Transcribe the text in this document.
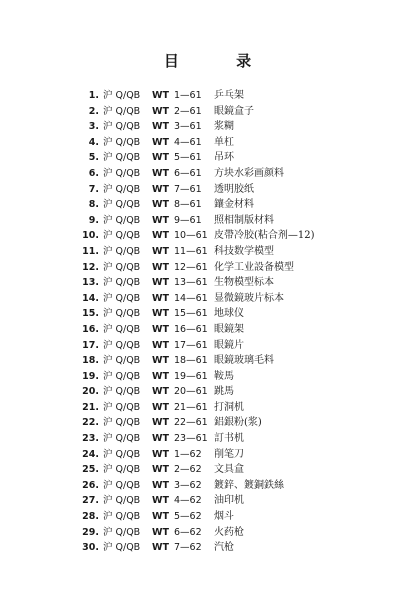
目 录
1. 沪 Q/QB WT 1—61 乒乓架
2. 沪 Q/QB WT 2—61 眼鏡盒子
3. 沪 Q/QB WT 3—61 浆糊
4. 沪 Q/QB WT 4—61 单杠
5. 沪 Q/QB WT 5—61 吊环
6. 沪 Q/QB WT 6—61 方块水彩画颜料
7. 沪 Q/QB WT 7—61 透明胶纸
8. 沪 Q/QB WT 8—61 鑲金材料
9. 沪 Q/QB WT 9—61 照相制版材料
10. 沪 Q/QB WT 10—61 皮帶冷胶(粘合剂—12)
11. 沪 Q/QB WT 11—61 科技数学模型
12. 沪 Q/QB WT 12—61 化学工业設备模型
13. 沪 Q/QB WT 13—61 生物模型标本
14. 沪 Q/QB WT 14—61 显微鏡玻片标本
15. 沪 Q/QB WT 15—61 地球仪
16. 沪 Q/QB WT 16—61 眼鏡架
17. 沪 Q/QB WT 17—61 眼鏡片
18. 沪 Q/QB WT 18—61 眼鏡玻璃毛料
19. 沪 Q/QB WT 19—61 鞍馬
20. 沪 Q/QB WT 20—61 跳馬
21. 沪 Q/QB WT 21—61 打洞机
22. 沪 Q/QB WT 22—61 鋁銀粉(浆)
23. 沪 Q/QB WT 23—61 訂书机
24. 沪 Q/QB WT 1—62 削笔刀
25. 沪 Q/QB WT 2—62 文具盒
26. 沪 Q/QB WT 3—62 鍍鋅、鍍銅鉄絲
27. 沪 Q/QB WT 4—62 油印机
28. 沪 Q/QB WT 5—62 烟斗
29. 沪 Q/QB WT 6—62 火药枪
30. 沪 Q/QB WT 7—62 汽枪
